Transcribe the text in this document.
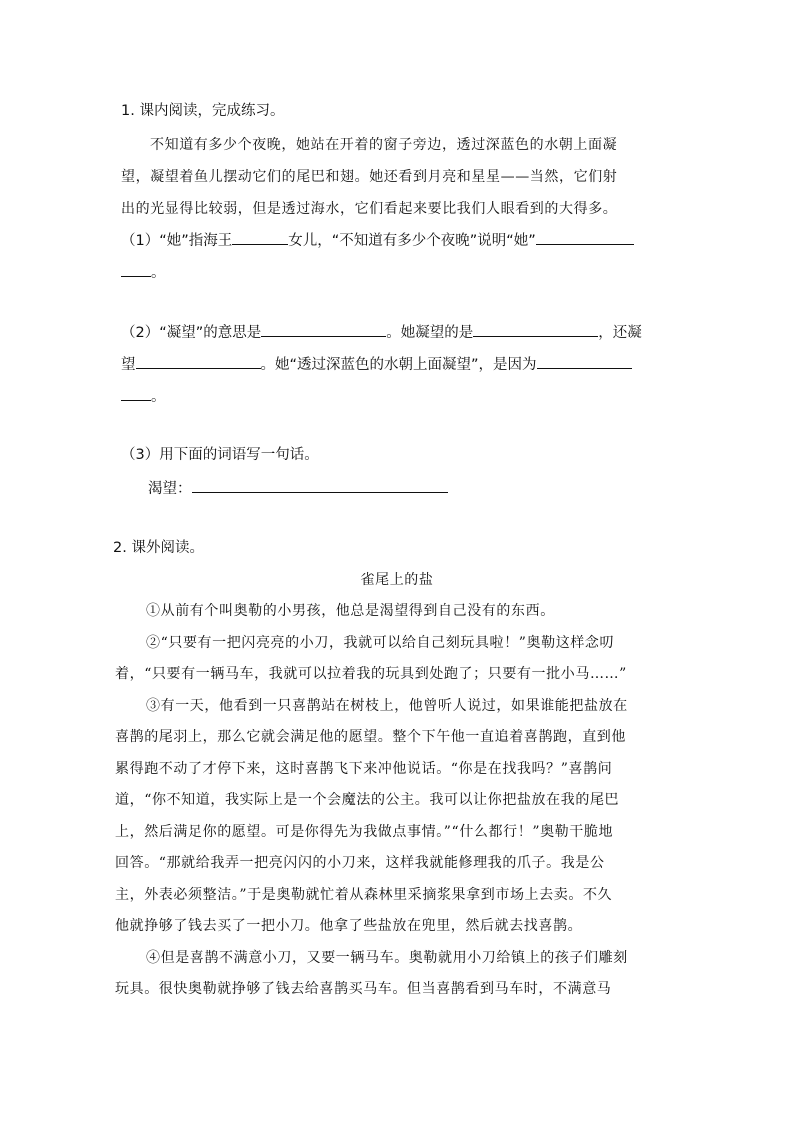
1. 课内阅读，完成练习。
不知道有多少个夜晚，她站在开着的窗子旁边，透过深蓝色的水朝上面凝
望，凝望着鱼儿摆动它们的尾巴和翅。她还看到月亮和星星——当然，它们射
出的光显得比较弱，但是透过海水，它们看起来要比我们人眼看到的大得多。
（1）“她”指海王	女儿，“不知道有多少个夜晚”说明“她”
。
（2）“凝望”的意思是	。她凝望的是	，还凝
望	。她“透过深蓝色的水朝上面凝望”，是因为
。
（3）用下面的词语写一句话。
渴望：
2. 课外阅读。
雀尾上的盐
①从前有个叫奥勒的小男孩，他总是渴望得到自己没有的东西。
②“只要有一把闪亮亮的小刀，我就可以给自己刻玩具啦！”奥勒这样念叨
着，“只要有一辆马车，我就可以拉着我的玩具到处跑了；只要有一批小马……”
③有一天，他看到一只喜鹊站在树枝上，他曾听人说过，如果谁能把盐放在
喜鹊的尾羽上，那么它就会满足他的愿望。整个下午他一直追着喜鹊跑，直到他
累得跑不动了才停下来，这时喜鹊飞下来冲他说话。“你是在找我吗？”喜鹊问
道，“你不知道，我实际上是一个会魔法的公主。我可以让你把盐放在我的尾巴
上，然后满足你的愿望。可是你得先为我做点事情。”“什么都行！”奥勒干脆地
回答。“那就给我弄一把亮闪闪的小刀来，这样我就能修理我的爪子。我是公
主，外表必须整洁。”于是奥勒就忙着从森林里采摘浆果拿到市场上去卖。不久
他就挣够了钱去买了一把小刀。他拿了些盐放在兜里，然后就去找喜鹊。
④但是喜鹊不满意小刀，又要一辆马车。奥勒就用小刀给镇上的孩子们雕刻
玩具。很快奥勒就挣够了钱去给喜鹊买马车。但当喜鹊看到马车时，不满意马
